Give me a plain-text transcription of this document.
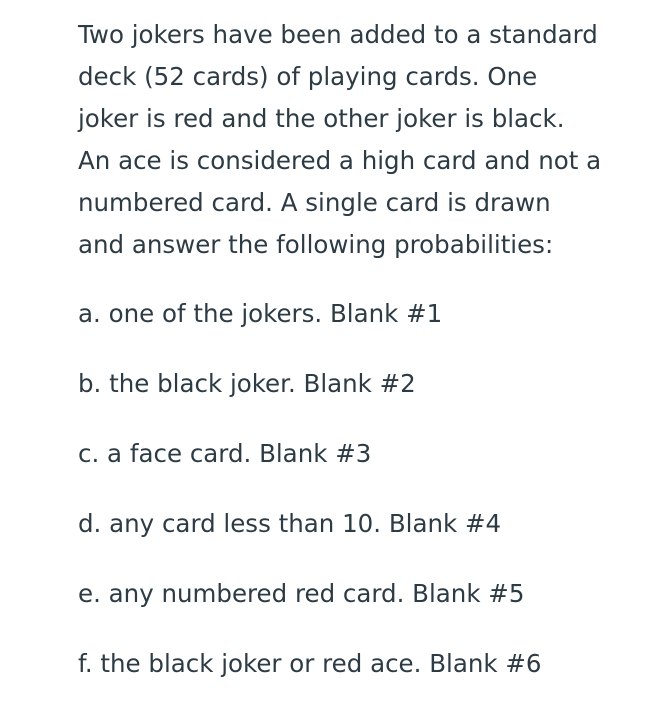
Two jokers have been added to a standard
deck (52 cards) of playing cards. One
joker is red and the other joker is black.
An ace is considered a high card and not a
numbered card. A single card is drawn
and answer the following probabilities:
a. one of the jokers. Blank #1
b. the black joker. Blank #2
c. a face card. Blank #3
d. any card less than 10. Blank #4
e. any numbered red card. Blank #5
f. the black joker or red ace. Blank #6
